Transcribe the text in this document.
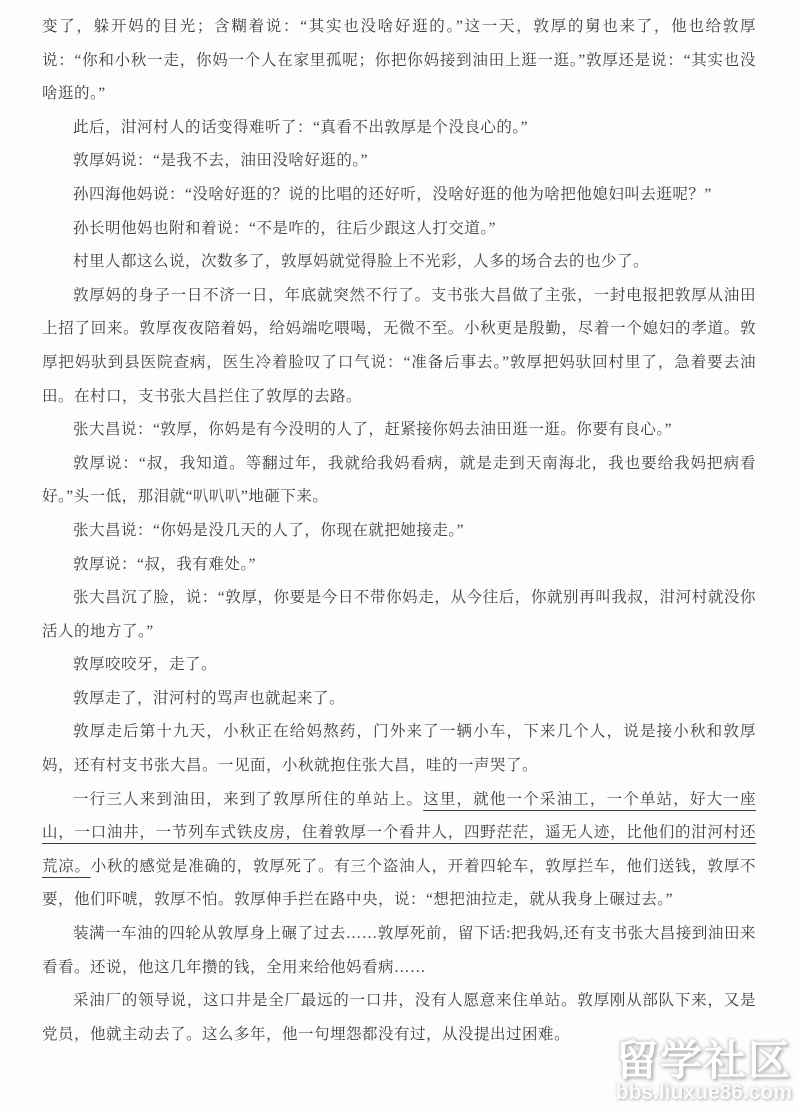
变了，躲开妈的目光；含糊着说：“其实也没啥好逛的。”这一天，敦厚的舅也来了，他也给敦厚说：“你和小秋一走，你妈一个人在家里孤呢；你把你妈接到油田上逛一逛。”敦厚还是说：“其实也没啥逛的。”

此后，泔河村人的话变得难听了：“真看不出敦厚是个没良心的。”

敦厚妈说：“是我不去，油田没啥好逛的。”

孙四海他妈说：“没啥好逛的？说的比唱的还好听，没啥好逛的他为啥把他媳妇叫去逛呢？”

孙长明他妈也附和着说：“不是咋的，往后少跟这人打交道。”

村里人都这么说，次数多了，敦厚妈就觉得脸上不光彩，人多的场合去的也少了。

敦厚妈的身子一日不济一日，年底就突然不行了。支书张大昌做了主张，一封电报把敦厚从油田上招了回来。敦厚夜夜陪着妈，给妈端吃喂喝，无微不至。小秋更是殷勤，尽着一个媳妇的孝道。敦厚把妈驮到县医院查病，医生冷着脸叹了口气说：“准备后事去。”敦厚把妈驮回村里了，急着要去油田。在村口，支书张大昌拦住了敦厚的去路。

张大昌说：“敦厚，你妈是有今没明的人了，赶紧接你妈去油田逛一逛。你要有良心。”

敦厚说：“叔，我知道。等翻过年，我就给我妈看病，就是走到天南海北，我也要给我妈把病看好。”头一低，那泪就“叭叭叭”地砸下来。

张大昌说：“你妈是没几天的人了，你现在就把她接走。”

敦厚说：“叔，我有难处。”

张大昌沉了脸，说：“敦厚，你要是今日不带你妈走，从今往后，你就别再叫我叔，泔河村就没你活人的地方了。”

敦厚咬咬牙，走了。

敦厚走了，泔河村的骂声也就起来了。

敦厚走后第十九天，小秋正在给妈熬药，门外来了一辆小车，下来几个人，说是接小秋和敦厚妈，还有村支书张大昌。一见面，小秋就抱住张大昌，哇的一声哭了。

一行三人来到油田，来到了敦厚所住的单站上。这里，就他一个采油工，一个单站，好大一座山，一口油井，一节列车式铁皮房，住着敦厚一个看井人，四野茫茫，遥无人迹，比他们的泔河村还荒凉。小秋的感觉是准确的，敦厚死了。有三个盗油人，开着四轮车，敦厚拦车，他们送钱，敦厚不要，他们吓唬，敦厚不怕。敦厚伸手拦在路中央，说：“想把油拉走，就从我身上碾过去。”

装满一车油的四轮从敦厚身上碾了过去……敦厚死前，留下话:把我妈,还有支书张大昌接到油田来看看。还说，他这几年攒的钱，全用来给他妈看病……

采油厂的领导说，这口井是全厂最远的一口井，没有人愿意来住单站。敦厚刚从部队下来，又是党员，他就主动去了。这么多年，他一句埋怨都没有过，从没提出过困难。

留学社区
bbs.liuxue86.com
